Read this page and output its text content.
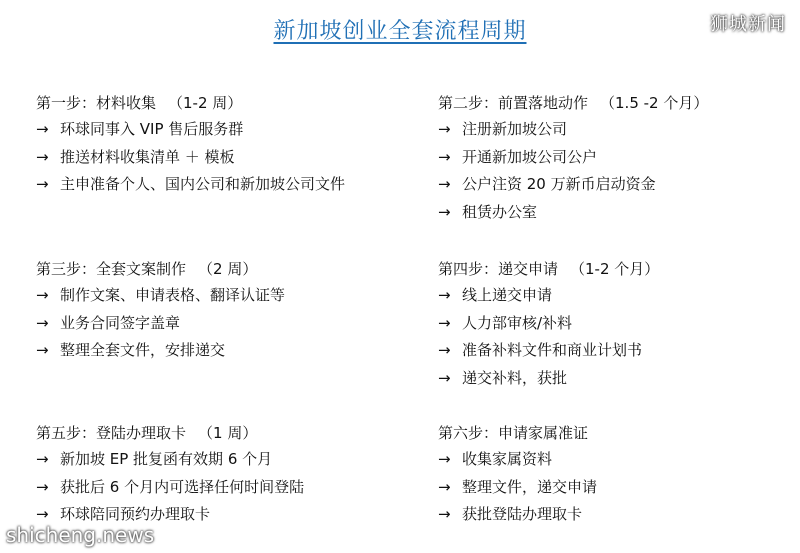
新加坡创业全套流程周期	狮城新闻
shicheng.news
第一步：材料收集 （1-2 周）
→ 环球同事入 VIP 售后服务群
→ 推送材料收集清单 ＋ 模板
→ 主申准备个人、国内公司和新加坡公司文件
第二步：前置落地动作 （1.5 -2 个月）
→ 注册新加坡公司
→ 开通新加坡公司公户
→ 公户注资 20 万新币启动资金
→ 租赁办公室
第三步：全套文案制作 （2 周）
→ 制作文案、申请表格、翻译认证等
→ 业务合同签字盖章
→ 整理全套文件，安排递交
第四步：递交申请 （1-2 个月）
→ 线上递交申请
→ 人力部审核/补料
→ 准备补料文件和商业计划书
→ 递交补料，获批
第五步：登陆办理取卡 （1 周）
→ 新加坡 EP 批复函有效期 6 个月
→ 获批后 6 个月内可选择任何时间登陆
→ 环球陪同预约办理取卡
第六步：申请家属准证
→ 收集家属资料
→ 整理文件，递交申请
→ 获批登陆办理取卡
